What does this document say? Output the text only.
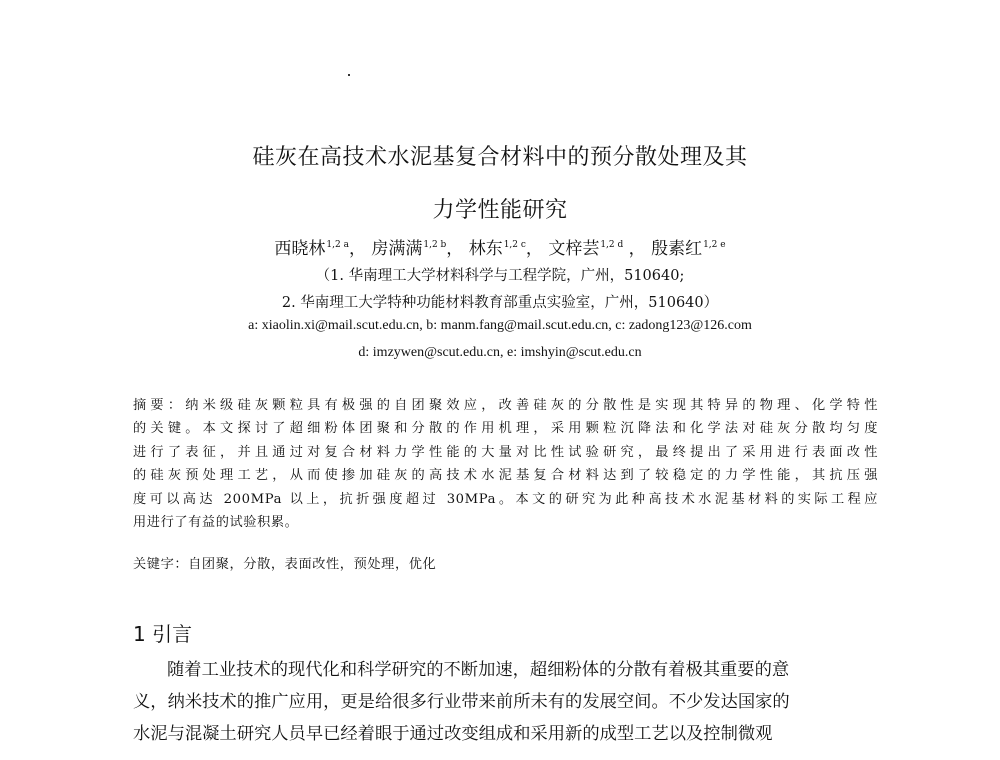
硅灰在高技术水泥基复合材料中的预分散处理及其
力学性能研究
西晓林$^{1,2 a}$， 房满满$^{1,2 b}$， 林东$^{1,2 c}$， 文梓芸$^{1,2 d}$ ， 殷素红$^{1,2 e}$
（1. 华南理工大学材料科学与工程学院，广州，510640;
2. 华南理工大学特种功能材料教育部重点实验室，广州，510640）
a: xiaolin.xi@mail.scut.edu.cn, b: manm.fang@mail.scut.edu.cn, c: zadong123@126.com
d: imzywen@scut.edu.cn, e: imshyin@scut.edu.cn
摘要：纳米级硅灰颗粒具有极强的自团聚效应，改善硅灰的分散性是实现其特异的物理、化学特性
的关键。本文探讨了超细粉体团聚和分散的作用机理，采用颗粒沉降法和化学法对硅灰分散均匀度
进行了表征，并且通过对复合材料力学性能的大量对比性试验研究，最终提出了采用进行表面改性
的硅灰预处理工艺，从而使掺加硅灰的高技术水泥基复合材料达到了较稳定的力学性能，其抗压强
度可以高达 200MPa 以上，抗折强度超过 30MPa。本文的研究为此种高技术水泥基材料的实际工程应
用进行了有益的试验积累。
关键字：自团聚，分散，表面改性，预处理，优化
1 引言
随着工业技术的现代化和科学研究的不断加速，超细粉体的分散有着极其重要的意
义，纳米技术的推广应用，更是给很多行业带来前所未有的发展空间。不少发达国家的
水泥与混凝土研究人员早已经着眼于通过改变组成和采用新的成型工艺以及控制微观
